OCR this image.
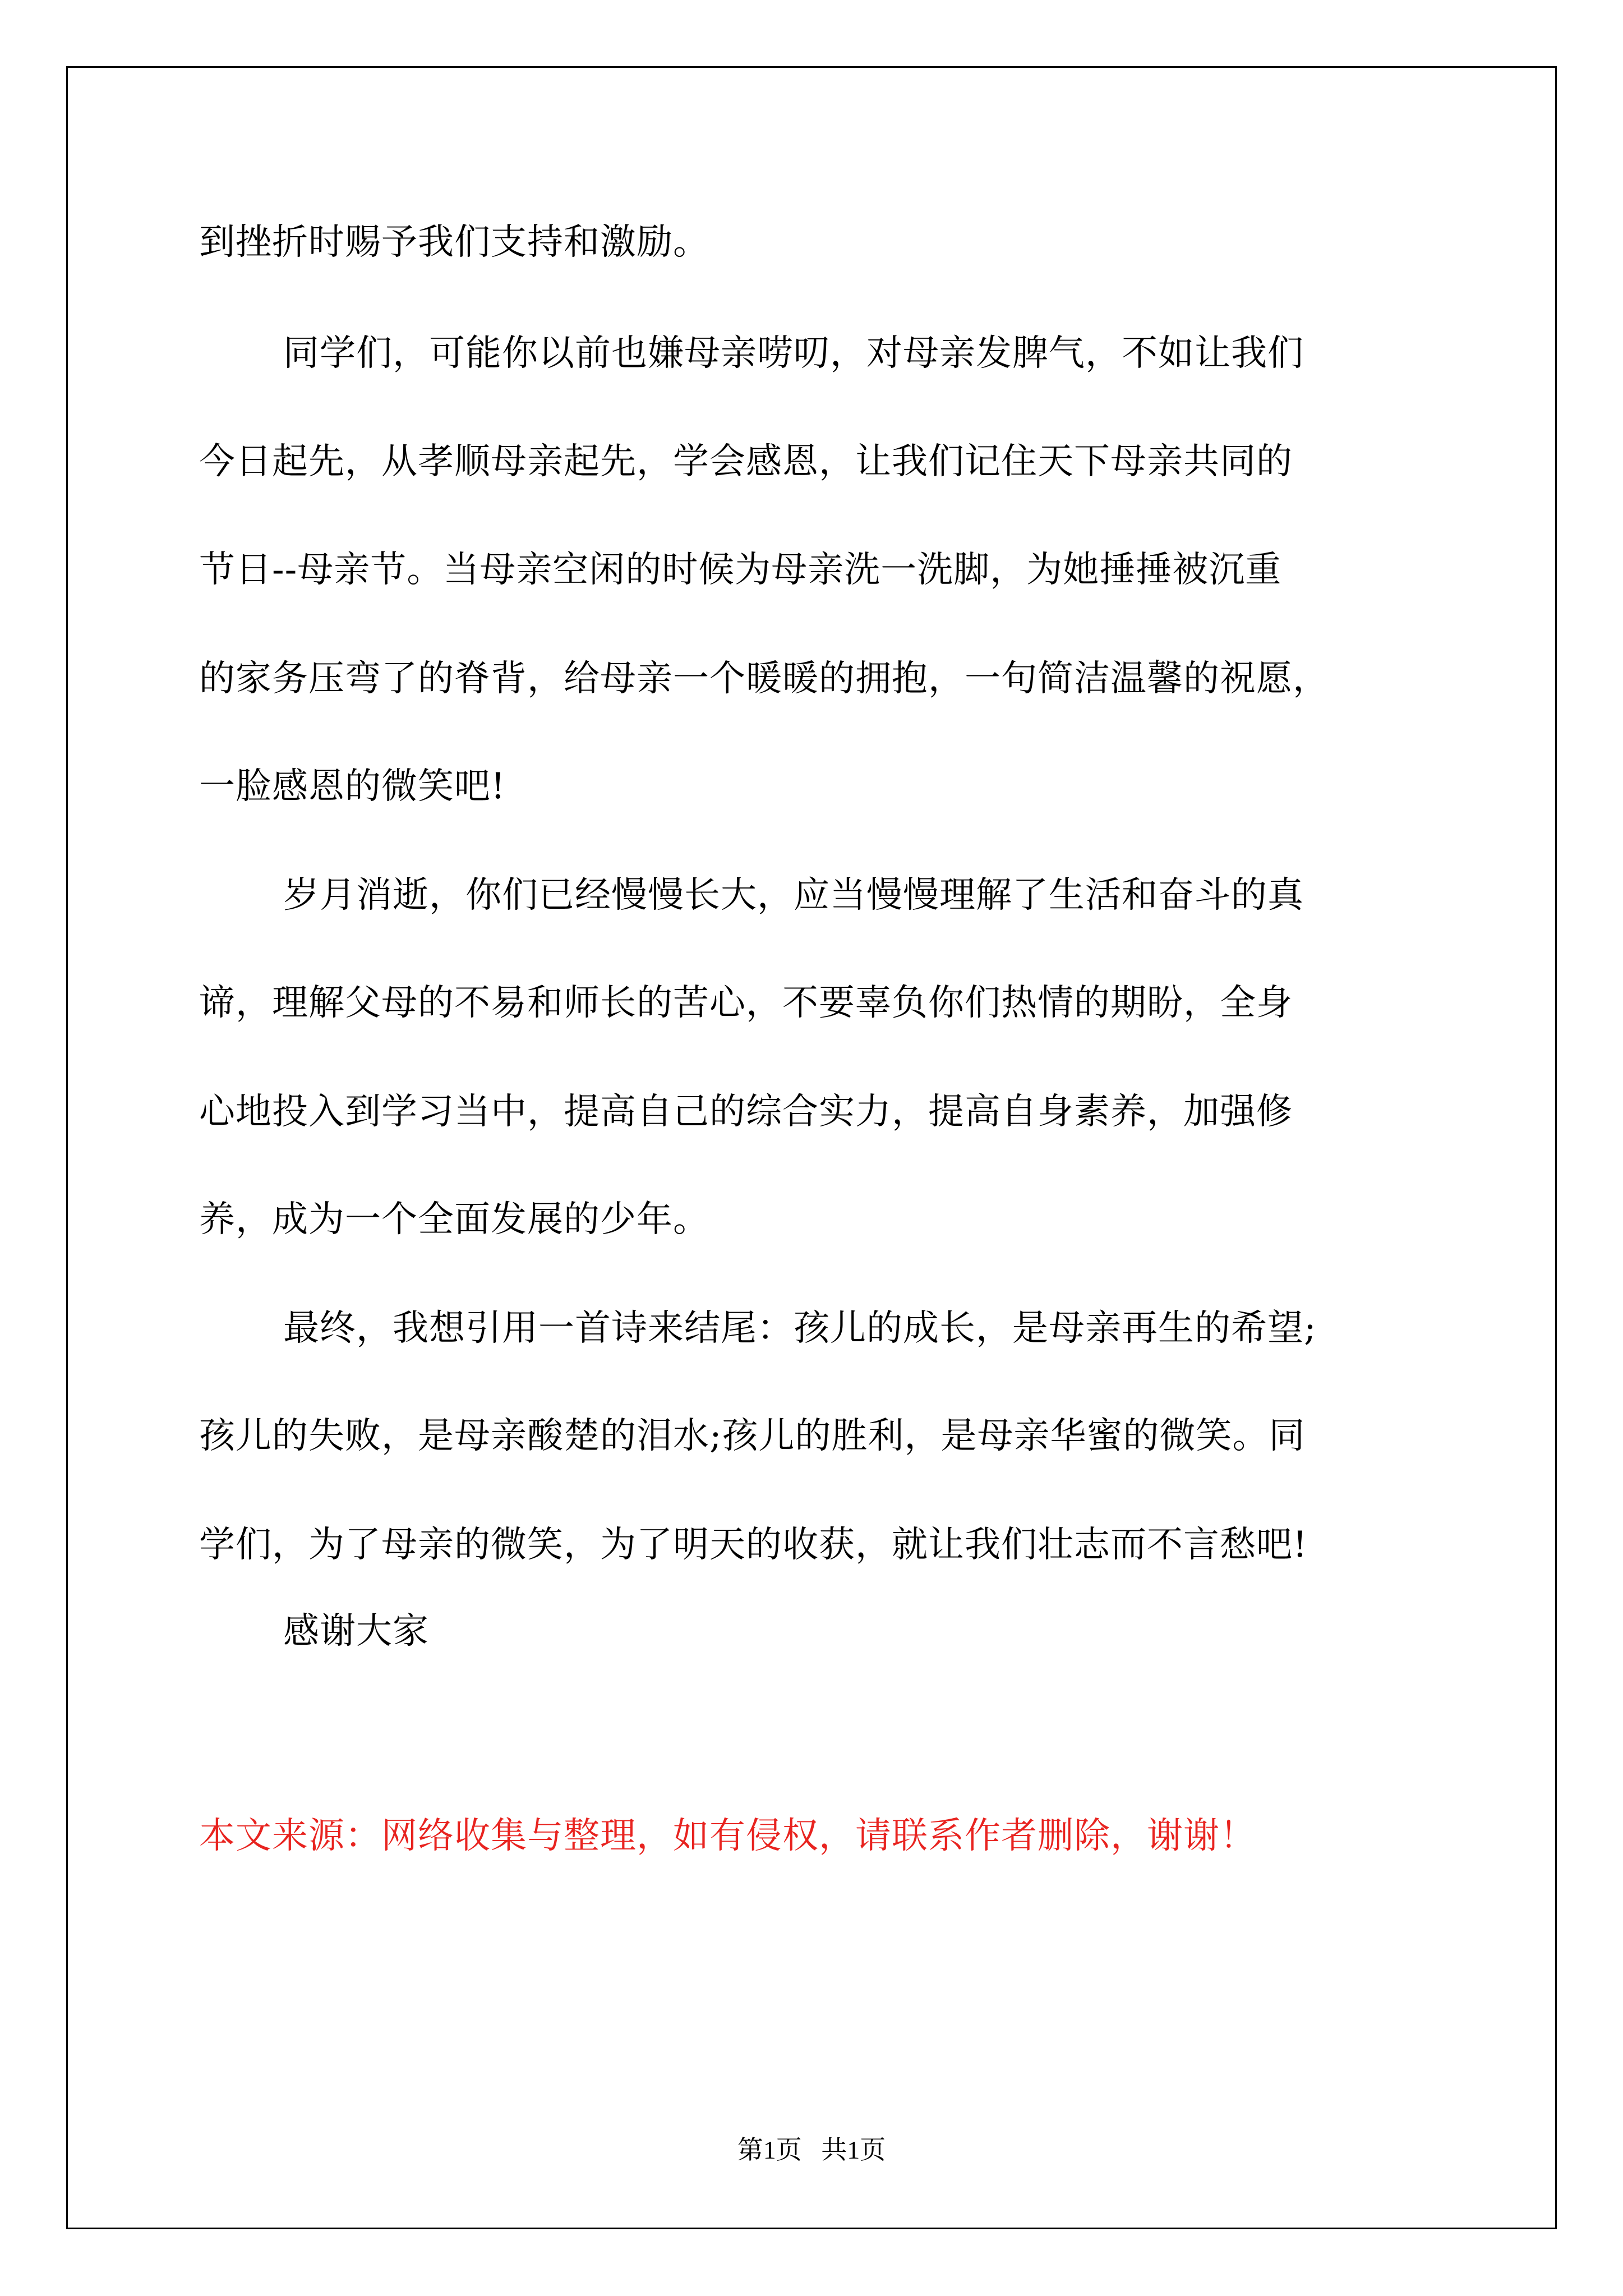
到挫折时赐予我们支持和激励。
同学们，可能你以前也嫌母亲唠叨，对母亲发脾气，不如让我们
今日起先，从孝顺母亲起先，学会感恩，让我们记住天下母亲共同的
节日--母亲节。当母亲空闲的时候为母亲洗一洗脚，为她捶捶被沉重
的家务压弯了的脊背，给母亲一个暖暖的拥抱，一句简洁温馨的祝愿，
一脸感恩的微笑吧!
岁月消逝，你们已经慢慢长大，应当慢慢理解了生活和奋斗的真
谛，理解父母的不易和师长的苦心，不要辜负你们热情的期盼，全身
心地投入到学习当中，提高自己的综合实力，提高自身素养，加强修
养，成为一个全面发展的少年。
最终，我想引用一首诗来结尾：孩儿的成长，是母亲再生的希望;
孩儿的失败，是母亲酸楚的泪水;孩儿的胜利，是母亲华蜜的微笑。同
学们，为了母亲的微笑，为了明天的收获，就让我们壮志而不言愁吧!
感谢大家
本文来源：网络收集与整理，如有侵权，请联系作者删除，谢谢！
第1页   共1页
